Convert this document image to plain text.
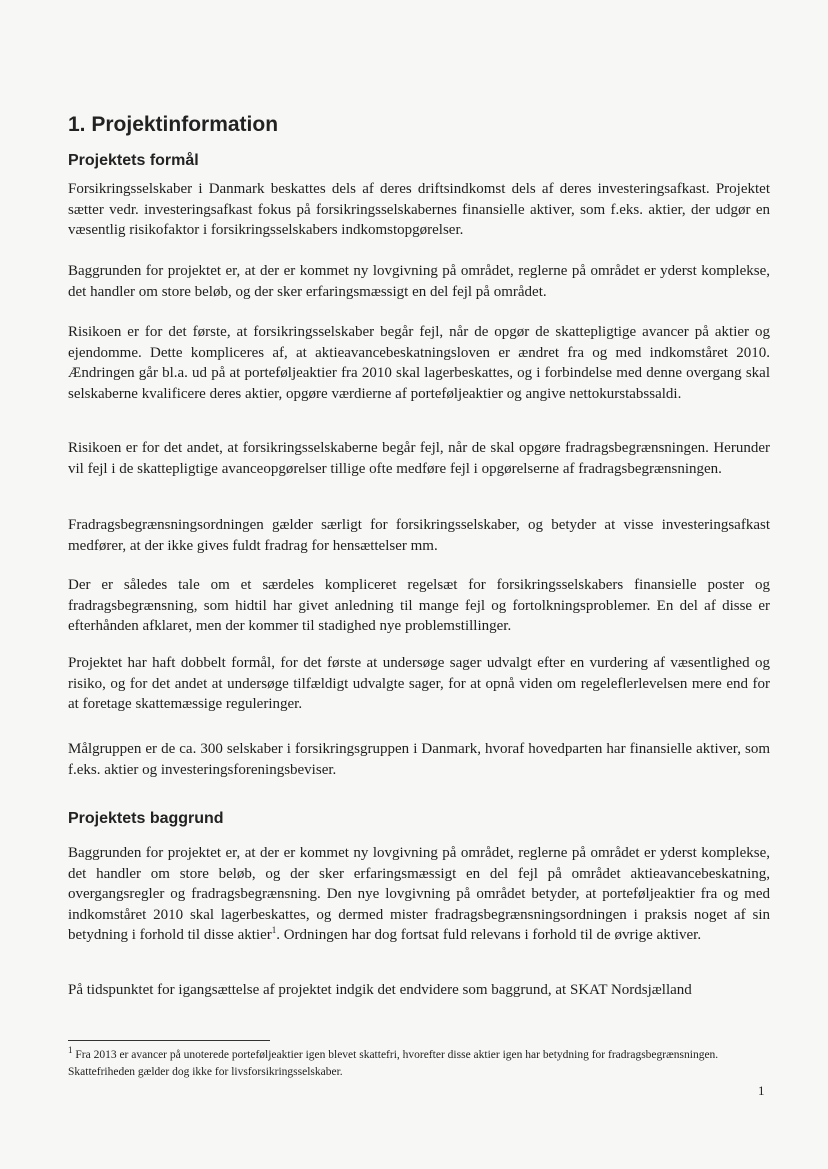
1. Projektinformation
Projektets formål

Forsikringsselskaber i Danmark beskattes dels af deres driftsindkomst dels af deres investeringsafkast. Projektet sætter vedr. investeringsafkast fokus på forsikringsselskabernes finansielle aktiver, som f.eks. aktier, der udgør en væsentlig risikofaktor i forsikringsselskabers indkomstopgørelser.

Baggrunden for projektet er, at der er kommet ny lovgivning på området, reglerne på området er yderst komplekse, det handler om store beløb, og der sker erfaringsmæssigt en del fejl på området.

Risikoen er for det første, at forsikringsselskaber begår fejl, når de opgør de skattepligtige avancer på aktier og ejendomme. Dette kompliceres af, at aktieavancebeskatningsloven er ændret fra og med indkomståret 2010. Ændringen går bl.a. ud på at porteføljeaktier fra 2010 skal lagerbeskattes, og i forbindelse med denne overgang skal selskaberne kvalificere deres aktier, opgøre værdierne af porteføljeaktier og angive nettokurstabssaldi.

Risikoen er for det andet, at forsikringsselskaberne begår fejl, når de skal opgøre fradragsbegrænsningen. Herunder vil fejl i de skattepligtige avanceopgørelser tillige ofte medføre fejl i opgørelserne af fradragsbegrænsningen.

Fradragsbegrænsningsordningen gælder særligt for forsikringsselskaber, og betyder at visse investeringsafkast medfører, at der ikke gives fuldt fradrag for hensættelser mm.

Der er således tale om et særdeles kompliceret regelsæt for forsikringsselskabers finansielle poster og fradragsbegrænsning, som hidtil har givet anledning til mange fejl og fortolkningsproblemer. En del af disse er efterhånden afklaret, men der kommer til stadighed nye problemstillinger.

Projektet har haft dobbelt formål, for det første at undersøge sager udvalgt efter en vurdering af væsentlighed og risiko, og for det andet at undersøge tilfældigt udvalgte sager, for at opnå viden om regeleflerlevelsen mere end for at foretage skattemæssige reguleringer.

Målgruppen er de ca. 300 selskaber i forsikringsgruppen i Danmark, hvoraf hovedparten har finansielle aktiver, som f.eks. aktier og investeringsforeningsbeviser.

Projektets baggrund

Baggrunden for projektet er, at der er kommet ny lovgivning på området, reglerne på området er yderst komplekse, det handler om store beløb, og der sker erfaringsmæssigt en del fejl på området aktieavancebeskatning, overgangsregler og fradragsbegrænsning. Den nye lovgivning på området betyder, at porteføljeaktier fra og med indkomståret 2010 skal lagerbeskattes, og dermed mister fradragsbegrænsningsordningen i praksis noget af sin betydning i forhold til disse aktier$^1$. Ordningen har dog fortsat fuld relevans i forhold til de øvrige aktiver.

På tidspunktet for igangsættelse af projektet indgik det endvidere som baggrund, at SKAT Nordsjælland

$^1$ Fra 2013 er avancer på unoterede porteføljeaktier igen blevet skattefri, hvorefter disse aktier igen har betydning for fradragsbegrænsningen. Skattefriheden gælder dog ikke for livsforsikringsselskaber.

1
